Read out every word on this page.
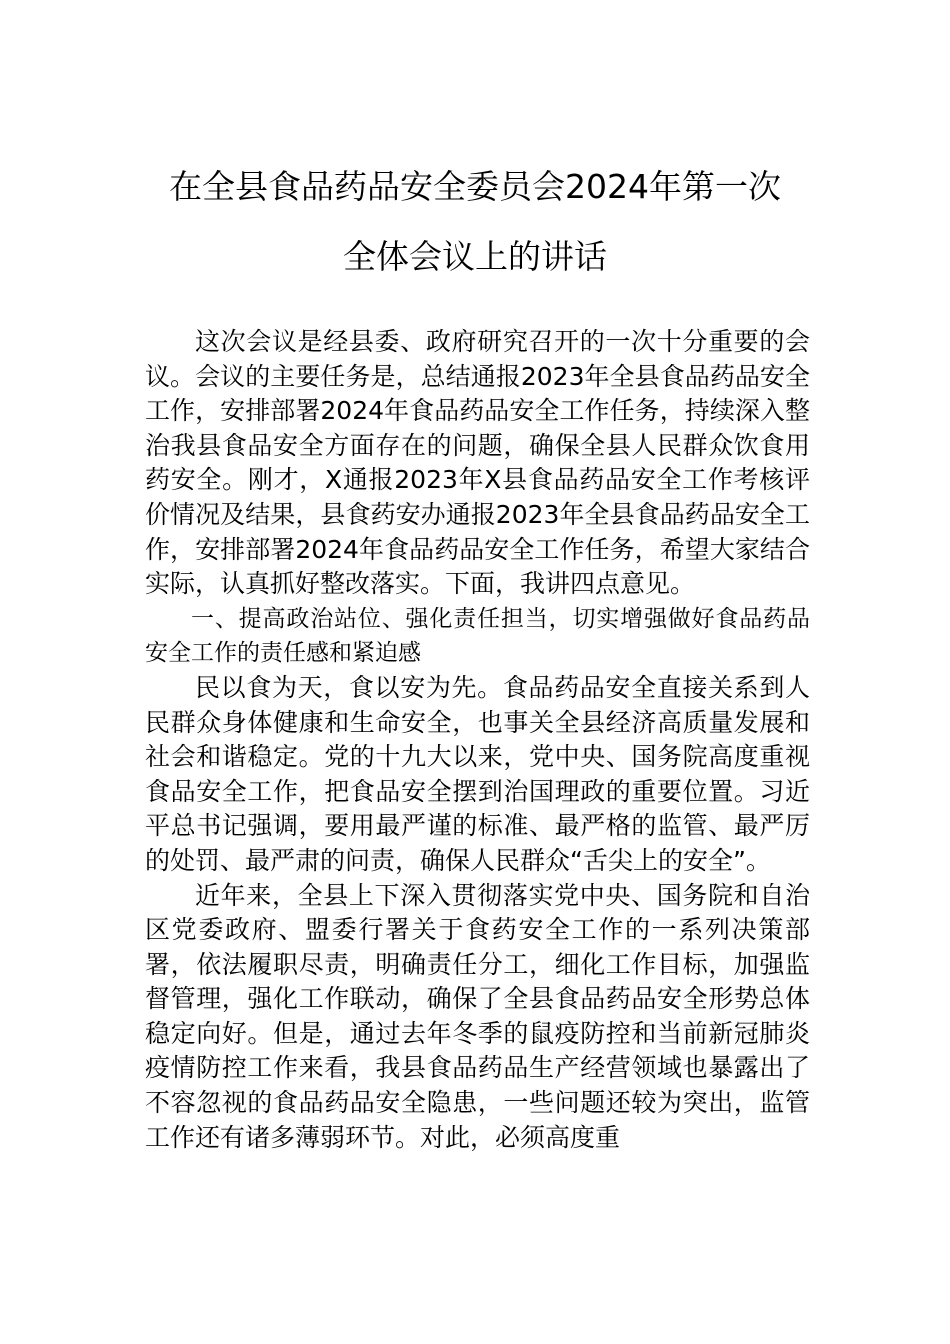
在全县食品药品安全委员会2024年第一次
全体会议上的讲话

这次会议是经县委、政府研究召开的一次十分重要的会议。会议的主要任务是，总结通报2023年全县食品药品安全工作，安排部署2024年食品药品安全工作任务，持续深入整治我县食品安全方面存在的问题，确保全县人民群众饮食用药安全。刚才，X通报2023年X县食品药品安全工作考核评价情况及结果，县食药安办通报2023年全县食品药品安全工作，安排部署2024年食品药品安全工作任务，希望大家结合实际，认真抓好整改落实。下面，我讲四点意见。

一、提高政治站位、强化责任担当，切实增强做好食品药品安全工作的责任感和紧迫感

民以食为天，食以安为先。食品药品安全直接关系到人民群众身体健康和生命安全，也事关全县经济高质量发展和社会和谐稳定。党的十九大以来，党中央、国务院高度重视食品安全工作，把食品安全摆到治国理政的重要位置。习近平总书记强调，要用最严谨的标准、最严格的监管、最严厉的处罚、最严肃的问责，确保人民群众“舌尖上的安全”。

近年来，全县上下深入贯彻落实党中央、国务院和自治区党委政府、盟委行署关于食药安全工作的一系列决策部署，依法履职尽责，明确责任分工，细化工作目标，加强监督管理，强化工作联动，确保了全县食品药品安全形势总体稳定向好。但是，通过去年冬季的鼠疫防控和当前新冠肺炎疫情防控工作来看，我县食品药品生产经营领域也暴露出了不容忽视的食品药品安全隐患，一些问题还较为突出，监管工作还有诸多薄弱环节。对此，必须高度重
